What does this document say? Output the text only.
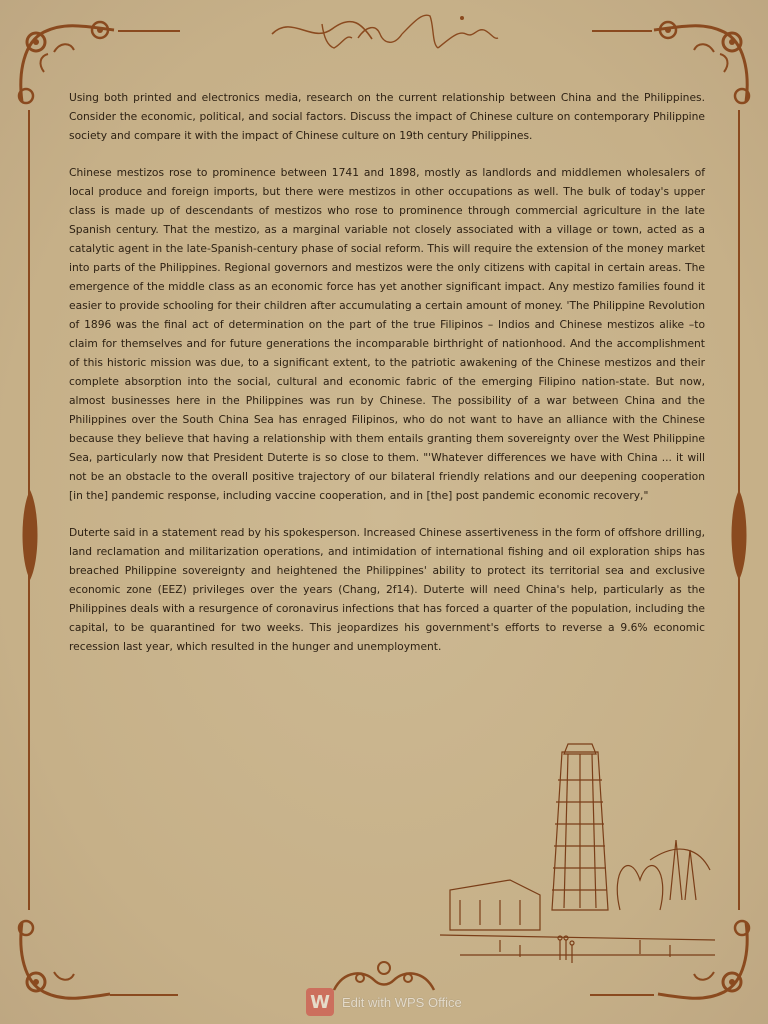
Using both printed and electronics media, research on the current relationship between China and the Philippines. Consider the economic, political, and social factors. Discuss the impact of Chinese culture on contemporary Philippine society and compare it with the impact of Chinese culture on 19th century Philippines.

Chinese mestizos rose to prominence between 1741 and 1898, mostly as landlords and middlemen wholesalers of local produce and foreign imports, but there were mestizos in other occupations as well. The bulk of today's upper class is made up of descendants of mestizos who rose to prominence through commercial agriculture in the late Spanish century. That the mestizo, as a marginal variable not closely associated with a village or town, acted as a catalytic agent in the late-Spanish-century phase of social reform. This will require the extension of the money market into parts of the Philippines. Regional governors and mestizos were the only citizens with capital in certain areas. The emergence of the middle class as an economic force has yet another significant impact. Any mestizo families found it easier to provide schooling for their children after accumulating a certain amount of money. 'The Philippine Revolution of 1896 was the final act of determination on the part of the true Filipinos – Indios and Chinese mestizos alike –to claim for themselves and for future generations the incomparable birthright of nationhood. And the accomplishment of this historic mission was due, to a significant extent, to the patriotic awakening of the Chinese mestizos and their complete absorption into the social, cultural and economic fabric of the emerging Filipino nation-state. But now, almost businesses here in the Philippines was run by Chinese. The possibility of a war between China and the Philippines over the South China Sea has enraged Filipinos, who do not want to have an alliance with the Chinese because they believe that having a relationship with them entails granting them sovereignty over the West Philippine Sea, particularly now that President Duterte is so close to them. "'Whatever differences we have with China ... it will not be an obstacle to the overall positive trajectory of our bilateral friendly relations and our deepening cooperation [in the] pandemic response, including vaccine cooperation, and in [the] post pandemic economic recovery,"

Duterte said in a statement read by his spokesperson. Increased Chinese assertiveness in the form of offshore drilling, land reclamation and militarization operations, and intimidation of international fishing and oil exploration ships has breached Philippine sovereignty and heightened the Philippines' ability to protect its territorial sea and exclusive economic zone (EEZ) privileges over the years (Chang, 2f14). Duterte will need China's help, particularly as the Philippines deals with a resurgence of coronavirus infections that has forced a quarter of the population, including the capital, to be quarantined for two weeks. This jeopardizes his government's efforts to reverse a 9.6% economic recession last year, which resulted in the hunger and unemployment.

W Edit with WPS Office
